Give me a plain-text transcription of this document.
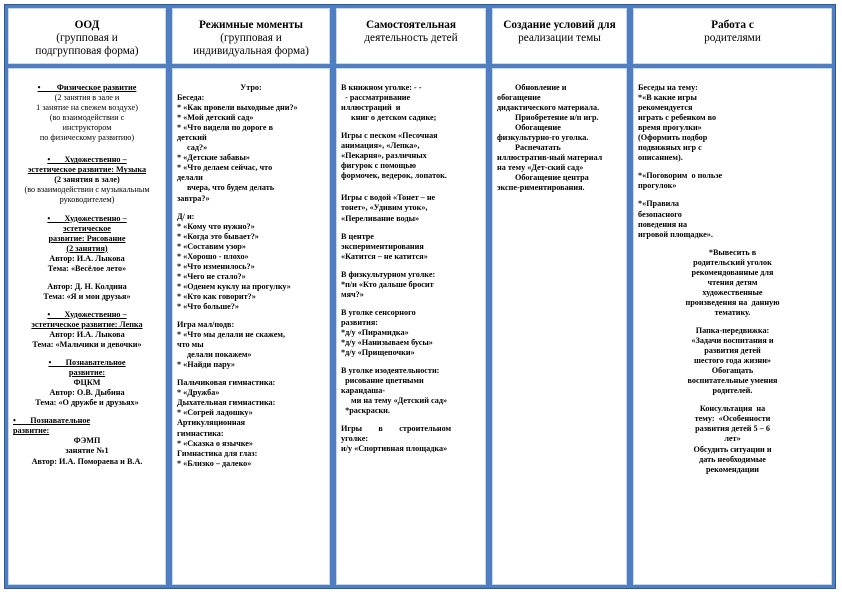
ООД
(групповая и
подгрупповая форма)
Режимные моменты
(групповая и
индивидуальная форма)
Самостоятельная
деятельность детей
Создание условий для
реализации темы
Работа с
родителями
•        Физическое развитие
(2 занятия в зале и
1 занятие на свежем воздухе)
(во взаимодействии с
инструктором
по физическому развитию)
•       Художественно –
эстетическое развитие: Музыка
(2 занятия в зале)
(во взаимодействии с музыкальным
руководителем)
•       Художественно –
эстетическое
развитие: Рисование
(2 занятия)
Автор: И.А. Лыкова
Тема: «Весёлое лето»
Автор: Д. Н. Колдина
Тема: «Я и мои друзья»
•       Художественно –
эстетическое развитие: Лепка
Автор: И.А. Лыкова
Тема: «Мальчики и девочки»
•       Познавательное
развитие:
ФЦКМ
Автор: О.В. Дыбина
Тема: «О дружбе и друзьях»
•       Познавательное
развитие:
ФЭМП
занятие №1
Автор: И.А. Помораева и В.А.
Утро:
Беседа:
* «Как провели выходные дни?»
* «Мой детский сад»
* «Что видели по дороге в
детский
сад?»
* «Детские забавы»
* «Что делаем сейчас, что
делали
вчера, что будем делать
завтра?»
Д/ и:
* «Кому что нужно?»
* «Когда это бывает?»
* «Составим узор»
* «Хорошо - плохо»
* «Что изменилось?»
* «Чего не стало?»
* «Оденем куклу на прогулку»
* «Кто как говорит?»
* «Что больше?»
Игра мал/подв:
* «Что мы делали не скажем,
что мы
делали покажем»
* «Найди пару»
Пальчиковая гимнастика:
* «Дружба»
Дыхательная гимнастика:
* «Согрей ладошку»
Артикуляционная
гимнастика:
* «Сказка о язычке»
Гимнастика для глаз:
* «Близко – далеко»
В книжном уголке: - -
- рассматривание
иллюстраций  и
книг о детском садике;
Игры с песком «Песочная
анимация», «Лепка»,
«Пекарня», различных
фигурок с помощью
формочек, ведерок, лопаток.
Игры с водой «Тонет – не
тонет», «Удивим уток»,
«Переливание воды»
В центре
экспериментирования
«Катится – не катится»
В физкультурном уголке:
*п/и «Кто дальше бросит
мяч?»
В уголке сенсорного
развития:
*д/у «Пирамидка»
*д/у «Нанизываем бусы»
*д/у «Прищепочки»
В уголке изодеятельности:
рисование цветными
карандаша-
ми на тему «Детский сад»
*раскраски.
Игры        в        строительном
уголке:
и/у «Спортивная площадка»
Обновление и
обогащение
дидактического материала.
Приобретение н/п игр.
Обогащение
физкультурно-го уголка.
Распечатать
иллюстратив-ный материал
на тему «Дет-ский сад»
Обогащение центра
экспе-риментирования.
Беседы на тему:
*«В какие игры
рекомендуется
играть с ребенком во
время прогулки»
(Оформить подбор
подвижных игр с
описанием).
*«Поговорим  о пользе
прогулок»
*«Правила
безопасного
поведения на
игровой площадке».
*Вывесить в
родительский уголок
рекомендованные для
чтения детям
художественные
произведения на  данную
тематику.
Папка-передвижка:
«Задачи воспитания и
развития детей
шестого года жизни»
Обогащать
воспитательные умения
родителей.
Консультация  на
тему:  «Особенности
развития детей 5 – 6
лет»
Обсудить ситуации и
дать необходимые
рекомендации
